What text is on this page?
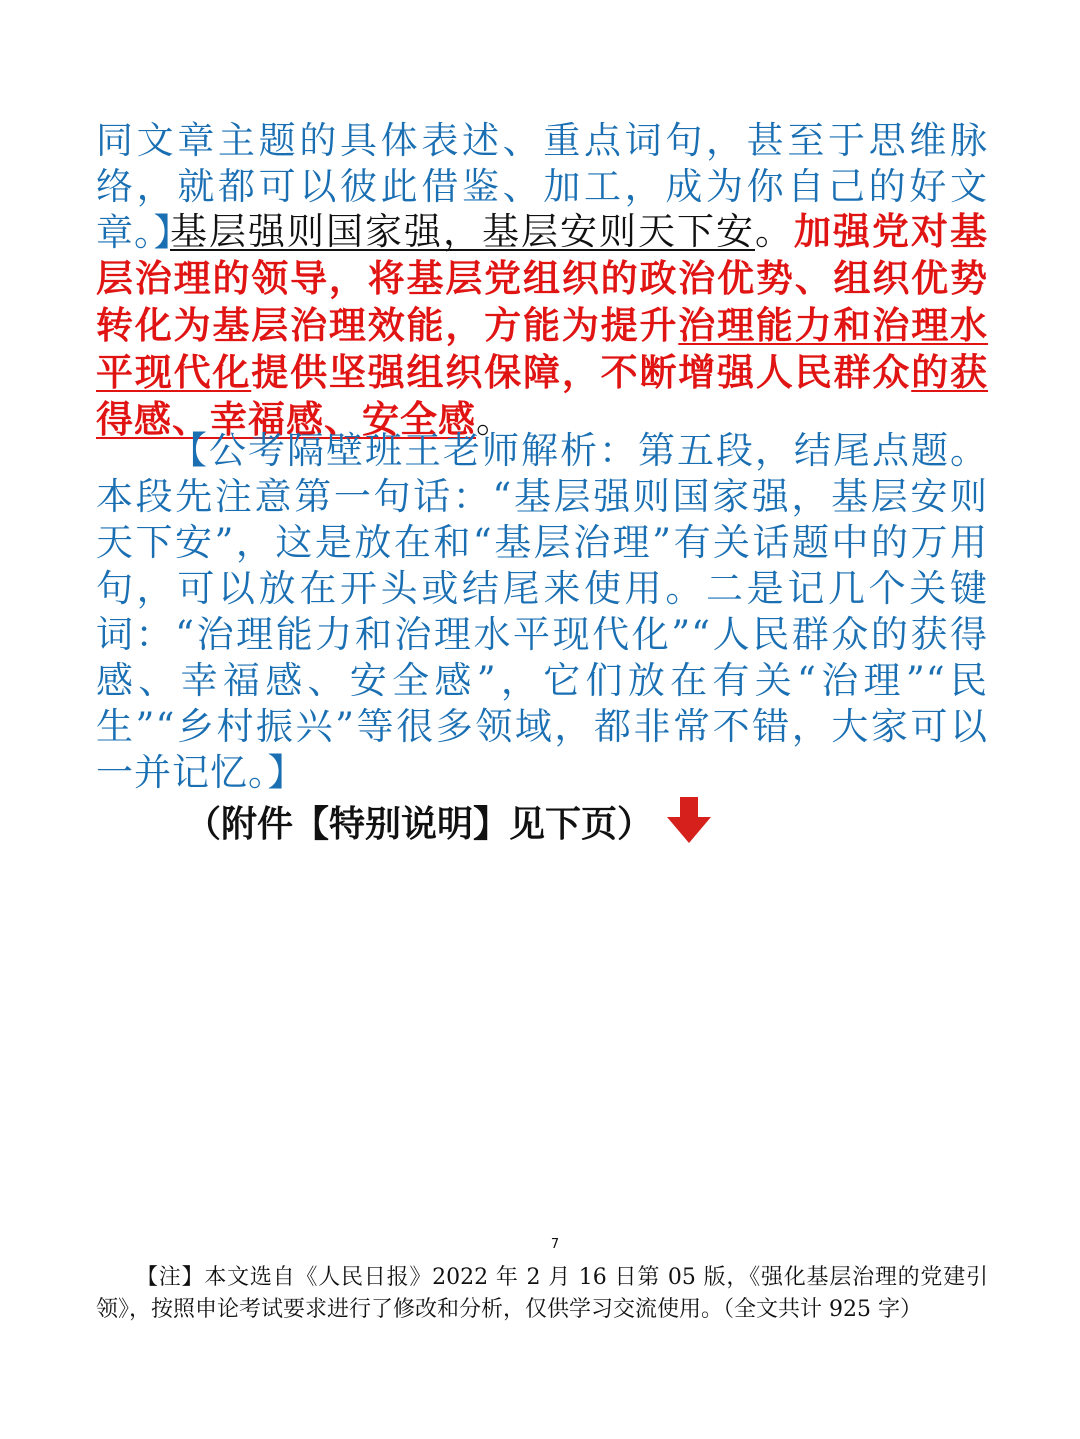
同文章主题的具体表述、重点词句，甚至于思维脉络，就都可以彼此借鉴、加工，成为你自己的好文章。】

基层强则国家强，基层安则天下安。加强党对基层治理的领导，将基层党组织的政治优势、组织优势转化为基层治理效能，方能为提升治理能力和治理水平现代化提供坚强组织保障，不断增强人民群众的获得感、幸福感、安全感。

【公考隔壁班王老师解析：第五段，结尾点题。本段先注意第一句话：“基层强则国家强，基层安则天下安”，这是放在和“基层治理”有关话题中的万用句，可以放在开头或结尾来使用。二是记几个关键词：“治理能力和治理水平现代化”“人民群众的获得感、幸福感、安全感”，它们放在有关“治理”“民生”“乡村振兴”等很多领域，都非常不错，大家可以一并记忆。】

（附件【特别说明】见下页）
7

【注】本文选自《人民日报》2022 年 2 月 16 日第 05 版，《强化基层治理的党建引领》，按照申论考试要求进行了修改和分析，仅供学习交流使用。（全文共计 925 字）
